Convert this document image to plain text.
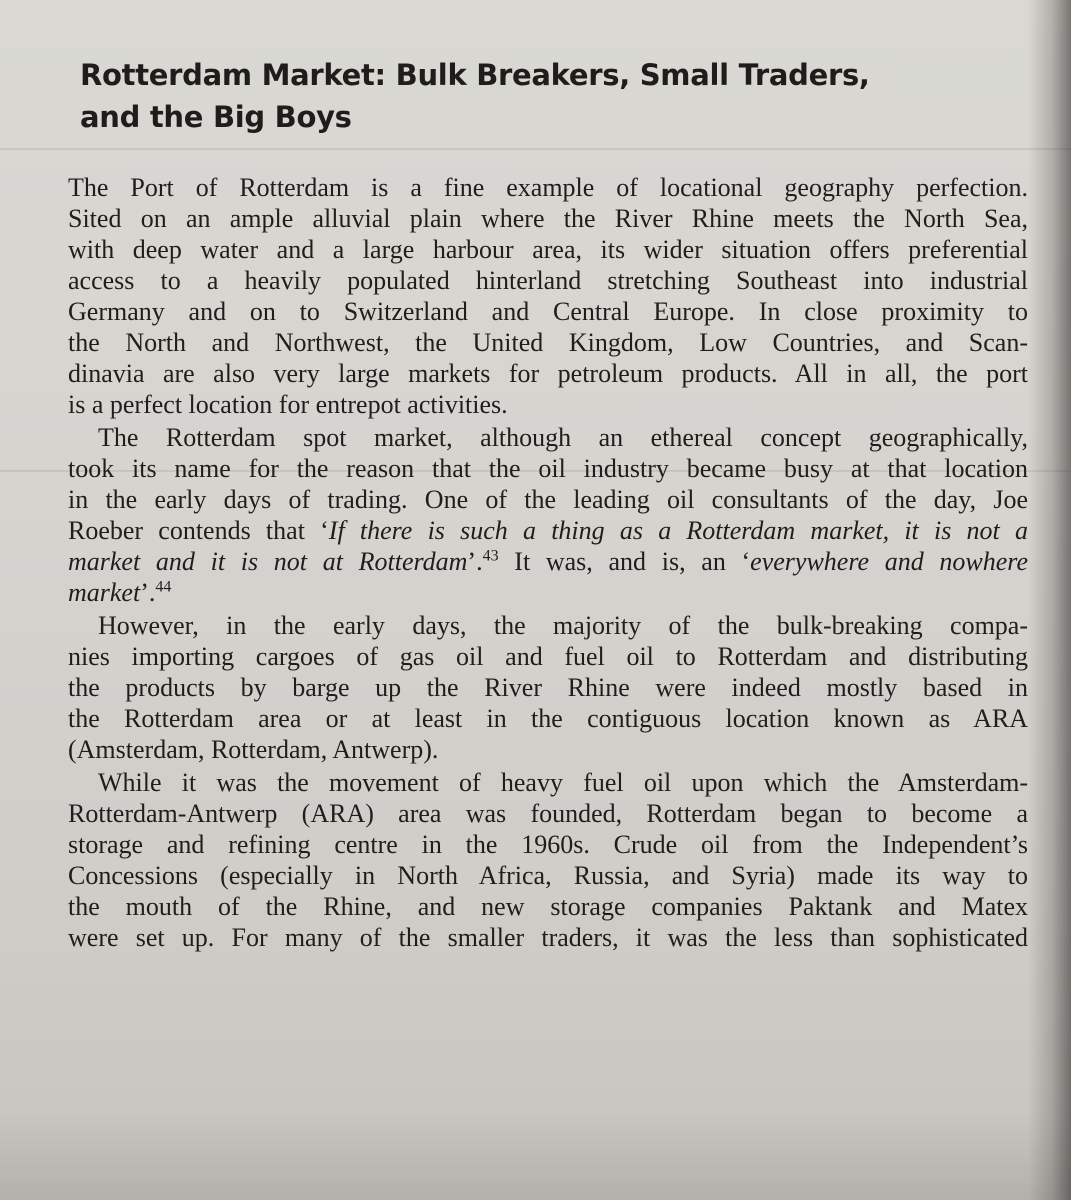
Rotterdam Market: Bulk Breakers, Small Traders,
and the Big Boys
The Port of Rotterdam is a fine example of locational geography perfection.
Sited on an ample alluvial plain where the River Rhine meets the North Sea,
with deep water and a large harbour area, its wider situation offers preferential
access to a heavily populated hinterland stretching Southeast into industrial
Germany and on to Switzerland and Central Europe. In close proximity to
the North and Northwest, the United Kingdom, Low Countries, and Scan-
dinavia are also very large markets for petroleum products. All in all, the port
is a perfect location for entrepot activities.
The Rotterdam spot market, although an ethereal concept geographically,
took its name for the reason that the oil industry became busy at that location
in the early days of trading. One of the leading oil consultants of the day, Joe
Roeber contends that ‘If there is such a thing as a Rotterdam market, it is not a
market and it is not at Rotterdam’.$^{43}$ It was, and is, an ‘everywhere and nowhere
market’.$^{44}$
However, in the early days, the majority of the bulk-breaking compa-
nies importing cargoes of gas oil and fuel oil to Rotterdam and distributing
the products by barge up the River Rhine were indeed mostly based in
the Rotterdam area or at least in the contiguous location known as ARA
(Amsterdam, Rotterdam, Antwerp).
While it was the movement of heavy fuel oil upon which the Amsterdam-
Rotterdam-Antwerp (ARA) area was founded, Rotterdam began to become a
storage and refining centre in the 1960s. Crude oil from the Independent’s
Concessions (especially in North Africa, Russia, and Syria) made its way to
the mouth of the Rhine, and new storage companies Paktank and Matex
were set up. For many of the smaller traders, it was the less than sophisticated
